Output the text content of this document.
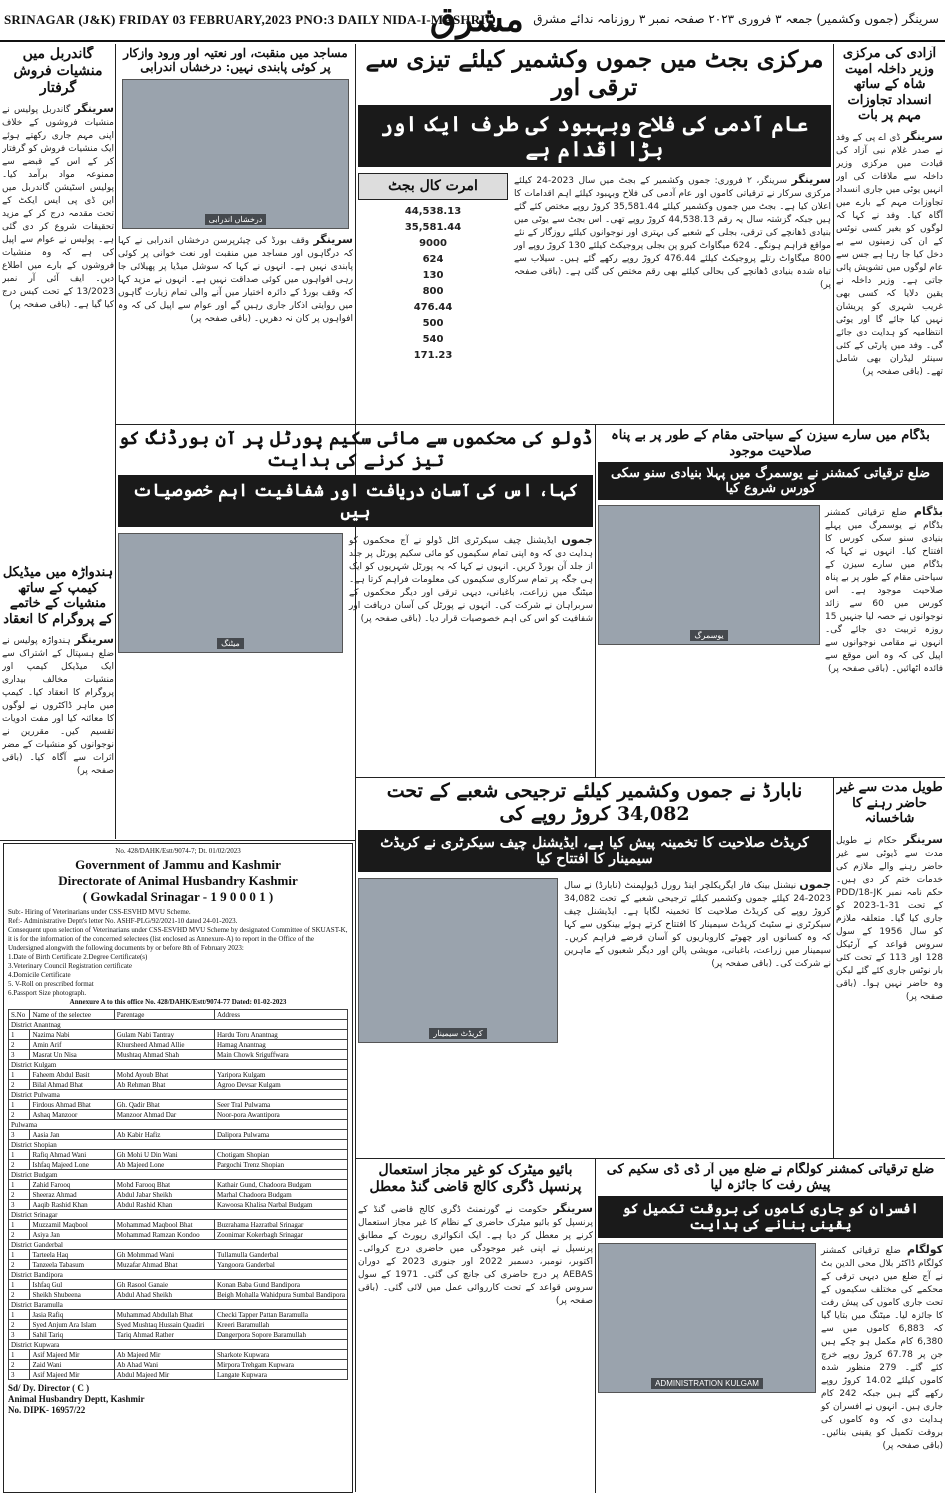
SRINAGAR (J&K) FRIDAY 03 FEBRUARY,2023 PNO:3 DAILY NIDA-I-MASHRIQ
مشرق سرینگر (جموں وکشمیر) جمعہ ۳ فروری ۲۰۲۳ صفحہ نمبر ۳ روزنامہ ندائے مشرق
گاندربل میں منشیات فروش گرفتار
سرینگر گاندربل پولیس نے منشیات فروشوں کے خلاف اپنی مہم جاری رکھتے ہوئے ایک منشیات فروش کو گرفتار کر کے اس کے قبضے سے ممنوعہ مواد برآمد کیا۔ پولیس اسٹیشن گاندربل میں این ڈی پی ایس ایکٹ کے تحت مقدمہ درج کر کے مزید تحقیقات شروع کر دی گئی ہے۔ پولیس نے عوام سے اپیل کی ہے کہ وہ منشیات فروشوں کے بارے میں اطلاع دیں۔ ایف آئی آر نمبر 13/2023 کے تحت کیس درج کیا گیا ہے۔ (باقی صفحہ پر)
ہندواڑہ میں میڈیکل کیمپ کے ساتھ منشیات کے خاتمے کے پروگرام کا انعقاد
سرینگر ہندواڑہ پولیس نے ضلع ہسپتال کے اشتراک سے ایک میڈیکل کیمپ اور منشیات مخالف بیداری پروگرام کا انعقاد کیا۔ کیمپ میں ماہر ڈاکٹروں نے لوگوں کا معائنہ کیا اور مفت ادویات تقسیم کیں۔ مقررین نے نوجوانوں کو منشیات کے مضر اثرات سے آگاہ کیا۔ (باقی صفحہ پر)
مساجد میں منقبت، اور نعتیہ اور ورود وازکار پر کوئی پابندی نہیں: درخشاں اندرابی
درخشاں اندرابی
سرینگر وقف بورڈ کی چیئرپرسن درخشاں اندرابی نے کہا کہ درگاہوں اور مساجد میں منقبت اور نعت خوانی پر کوئی پابندی نہیں ہے۔ انہوں نے کہا کہ سوشل میڈیا پر پھیلائی جا رہی افواہوں میں کوئی صداقت نہیں ہے۔ انہوں نے مزید کہا کہ وقف بورڈ کے دائرہ اختیار میں آنے والی تمام زیارت گاہوں میں روایتی اذکار جاری رہیں گے اور عوام سے اپیل کی کہ وہ افواہوں پر کان نہ دھریں۔ (باقی صفحہ پر)
آزادی کی مرکزی وزیر داخلہ امیت شاہ کے ساتھ انسداد تجاوزات مہم پر بات
سرینگر ڈی اے پی کے وفد نے صدر غلام نبی آزاد کی قیادت میں مرکزی وزیر داخلہ سے ملاقات کی اور انہیں یوٹی میں جاری انسداد تجاوزات مہم کے بارے میں آگاہ کیا۔ وفد نے کہا کہ لوگوں کو بغیر کسی نوٹس کے ان کی زمینوں سے بے دخل کیا جا رہا ہے جس سے عام لوگوں میں تشویش پائی جاتی ہے۔ وزیر داخلہ نے یقین دلایا کہ کسی بھی غریب شہری کو پریشان نہیں کیا جائے گا اور یوٹی انتظامیہ کو ہدایت دی جائے گی۔ وفد میں پارٹی کے کئی سینئر لیڈران بھی شامل تھے۔ (باقی صفحہ پر)
مرکزی بجٹ میں جموں وکشمیر کیلئے تیزی سے ترقی اور
عام آدمی کی فلاح وبہبود کی طرف ایک اور بڑا اقدام ہے
سرینگر سرینگر، ۲ فروری: جموں وکشمیر کے بجٹ میں سال 2023-24 کیلئے مرکزی سرکار نے ترقیاتی کاموں اور عام آدمی کی فلاح وبہبود کیلئے اہم اقدامات کا اعلان کیا ہے۔ بجٹ میں جموں وکشمیر کیلئے 35,581.44 کروڑ روپے مختص کئے گئے ہیں جبکہ گزشتہ سال یہ رقم 44,538.13 کروڑ روپے تھی۔ اس بجٹ سے یوٹی میں بنیادی ڈھانچے کی ترقی، بجلی کے شعبے کی بہتری اور نوجوانوں کیلئے روزگار کے نئے مواقع فراہم ہونگے۔ 624 میگاواٹ کیرو پن بجلی پروجیکٹ کیلئے 130 کروڑ روپے اور 800 میگاواٹ رتلے پروجیکٹ کیلئے 476.44 کروڑ روپے رکھے گئے ہیں۔ سیلاب سے تباہ شدہ بنیادی ڈھانچے کی بحالی کیلئے بھی رقم مختص کی گئی ہے۔ (باقی صفحہ پر)
امرت کال بجٹ
44,538.13
35,581.44
9000
624
130
800
476.44
500
540
171.23
ڈولو کی محکموں سے مائی سکیم پورٹل پر آن بورڈنگ کو تیز کرنے کی ہدایت
کہا، اس کی آسان دریافت اور شفافیت اہم خصوصیات ہیں
جموں ایڈیشنل چیف سیکرٹری اٹل ڈولو نے آج محکموں کو ہدایت دی کہ وہ اپنی تمام سکیموں کو مائی سکیم پورٹل پر جلد از جلد آن بورڈ کریں۔ انہوں نے کہا کہ یہ پورٹل شہریوں کو ایک ہی جگہ پر تمام سرکاری سکیموں کی معلومات فراہم کرتا ہے۔ میٹنگ میں زراعت، باغبانی، دیہی ترقی اور دیگر محکموں کے سربراہان نے شرکت کی۔ انہوں نے پورٹل کی آسان دریافت اور شفافیت کو اس کی اہم خصوصیات قرار دیا۔ (باقی صفحہ پر)
میٹنگ
بڈگام میں سارے سیزن کے سیاحتی مقام کے طور پر بے پناہ صلاحیت موجود
ضلع ترقیاتی کمشنر نے یوسمرگ میں پہلا بنیادی سنو سکی کورس شروع کیا
بڈگام ضلع ترقیاتی کمشنر بڈگام نے یوسمرگ میں پہلے بنیادی سنو سکی کورس کا افتتاح کیا۔ انہوں نے کہا کہ بڈگام میں سارے سیزن کے سیاحتی مقام کے طور پر بے پناہ صلاحیت موجود ہے۔ اس کورس میں 60 سے زائد نوجوانوں نے حصہ لیا جنہیں 15 روزہ تربیت دی جائے گی۔ انہوں نے مقامی نوجوانوں سے اپیل کی کہ وہ اس موقع سے فائدہ اٹھائیں۔ (باقی صفحہ پر)
یوسمرگ
نابارڈ نے جموں وکشمیر کیلئے ترجیحی شعبے کے تحت 34,082 کروڑ روپے کی
کریڈٹ صلاحیت کا تخمینہ پیش کیا ہے، ایڈیشنل چیف سیکرٹری نے کریڈٹ سیمینار کا افتتاح کیا
جموں نیشنل بینک فار ایگریکلچر اینڈ رورل ڈیولپمنٹ (نابارڈ) نے سال 2023-24 کیلئے جموں وکشمیر کیلئے ترجیحی شعبے کے تحت 34,082 کروڑ روپے کی کریڈٹ صلاحیت کا تخمینہ لگایا ہے۔ ایڈیشنل چیف سیکرٹری نے سٹیٹ کریڈٹ سیمینار کا افتتاح کرتے ہوئے بینکوں سے کہا کہ وہ کسانوں اور چھوٹے کاروباریوں کو آسان قرضے فراہم کریں۔ سیمینار میں زراعت، باغبانی، مویشی پالن اور دیگر شعبوں کے ماہرین نے شرکت کی۔ (باقی صفحہ پر)
کریڈٹ سیمینار
طویل مدت سے غیر حاضر رہنے کا شاخسانہ
سرینگر حکام نے طویل مدت سے ڈیوٹی سے غیر حاضر رہنے والے ملازم کی خدمات ختم کر دی ہیں۔ حکم نامہ نمبر PDD/18-JK کے تحت 31-1-2023 کو جاری کیا گیا۔ متعلقہ ملازم کو سال 1956 کے سول سروس قواعد کے آرٹیکل 128 اور 113 کے تحت کئی بار نوٹس جاری کئے گئے لیکن وہ حاضر نہیں ہوا۔ (باقی صفحہ پر)
بائیو میٹرک کو غیر مجاز استعمال پرنسپل ڈگری کالج قاضی گنڈ معطل
سرینگر حکومت نے گورنمنٹ ڈگری کالج قاضی گنڈ کے پرنسپل کو بائیو میٹرک حاضری کے نظام کا غیر مجاز استعمال کرنے پر معطل کر دیا ہے۔ ایک انکوائری رپورٹ کے مطابق پرنسپل نے اپنی غیر موجودگی میں حاضری درج کروائی۔ اکتوبر، نومبر، دسمبر 2022 اور جنوری 2023 کے دوران AEBAS پر درج حاضری کی جانچ کی گئی۔ 1971 کے سول سروس قواعد کے تحت کارروائی عمل میں لائی گئی۔ (باقی صفحہ پر)
ضلع ترقیاتی کمشنر کولگام نے ضلع میں آر ڈی ڈی سکیم کی پیش رفت کا جائزہ لیا
افسران کو جاری کاموں کی بروقت تکمیل کو یقینی بنانے کی ہدایت
کولگام ضلع ترقیاتی کمشنر کولگام ڈاکٹر بلال محی الدین بٹ نے آج ضلع میں دیہی ترقی کے محکمے کی مختلف سکیموں کے تحت جاری کاموں کی پیش رفت کا جائزہ لیا۔ میٹنگ میں بتایا گیا کہ 6,883 کاموں میں سے 6,380 کام مکمل ہو چکے ہیں جن پر 67.78 کروڑ روپے خرچ کئے گئے۔ 279 منظور شدہ کاموں کیلئے 14.02 کروڑ روپے رکھے گئے ہیں جبکہ 242 کام جاری ہیں۔ انہوں نے افسران کو ہدایت دی کہ وہ کاموں کی بروقت تکمیل کو یقینی بنائیں۔ (باقی صفحہ پر)
ADMINISTRATION KULGAM
No. 428/DAHK/Estt/9074-7; Dt. 01/02/2023
Government of Jammu and Kashmir
Directorate of Animal Husbandry Kashmir
( Gowkadal Srinagar - 1 9 0 0 0 1 )
Sub:- Hiring of Veterinarians under CSS-ESVHD MVU Scheme.
Ref:- Administrative Deptt's letter No. ASHF-PLG/92/2021-10 dated 24-01-2023.
Consequent upon selection of Veterinarians under CSS-ESVHD MVU Scheme by designated Committee of SKUAST-K, it is for the information of the concerned selectees (list enclosed as Annexure-A) to report in the Office of the Undersigned alongwith the following documents by or before 8th of February 2023:
1.Date of Birth Certificate 2.Degree Certificate(s)
3.Veterinary Council Registration certificate
4.Domicile Certificate
5. V-Roll on prescribed format
6.Passport Size photograph.
Annexure A to this office No. 428/DAHK/Estt/9074-77 Dated: 01-02-2023
S.No	Name of the selectee	Parentage	Address
District Anantnag			
1	Nazima Nabi	Gulam Nabi Tantray	Hardu Toru Anantnag
2	Amin Arif	Khursheed Ahmad Allie	Hamag Anantnag
3	Masrat Un Nisa	Mushtaq Ahmad Shah	Main Chowk Sriguffwara
District Kulgam			
1	Faheem Abdul Basit	Mohd Ayoub Bhat	Yaripora Kulgam
2	Bilal Ahmad Bhat	Ab Rehman Bhat	Agroo Devsar Kulgam
District Pulwama			
1	Firdous Ahmad Bhat	Gh. Qadir Bhat	Seer Tral Pulwama
2	Ashaq Manzoor	Manzoor Ahmad Dar	Noor-pora Awantipora
Pulwama			
3	Aasia Jan	Ab Kabir Hafiz	Dalipora Pulwama
District Shopian			
1	Rafiq Ahmad Wani	Gh Mohi U Din Wani	Chotigam Shopian
2	Ishfaq Majeed Lone	Ab Majeed Lone	Pargochi Trenz Shopian
District Budgam			
1	Zahid Farooq	Mohd Farooq Bhat	Kathair Gund, Chadoora Budgam
2	Sheeraz Ahmad	Abdul Jabar Sheikh	Marhal Chadoora Budgam
3	Aaqib Rashid Khan	Abdul Rashid Khan	Kawoosa Khalisa Narbal Budgam
District Srinagar			
1	Muzzamil Maqbool	Mohammad Maqbool Bhat	Buzrahama Hazratbal Srinagar
2	Asiya Jan	Mohammad Ramzan Kondoo	Zoonimar Kokerbagh Srinagar
District Ganderbal			
1	Tarteela Haq	Gh Mohmmad Wani	Tullamulla Ganderbal
2	Tanzeela Tabasum	Muzafar Ahmad Bhat	Yangoora Ganderbal
District Bandipora			
1	Ishfaq Gul	Gh Rasool Ganaie	Konan Baba Gund Bandipora
2	Sheikh Shubeena	Abdul Ahad Sheikh	Beigh Mohalla Wahidpura Sumbal Bandipora
District Baramulla			
1	Jasia Rafiq	Muhammad Abdullah Bhat	Checki Tapper Pattan Baramulla
2	Syed Anjum Ara Islam	Syed Mushtaq Hussain Quadiri	Kreeri Baramullah
3	Sahil Tariq	Tariq Ahmad Rather	Dangerpora Sopore Baramullah
District Kupwara			
1	Asif Majeed Mir	Ab Majeed Mir	Sharkote Kupwara
2	Zaid Wani	Ab Ahad Wani	Mirpora Trehgam Kupwara
3	Asif Majeed Mir	Abdul Majeed Mir	Langate Kupwara
Sd/ Dy. Director ( C )
Animal Husbandry Deptt, Kashmir
No. DIPK- 16957/22
